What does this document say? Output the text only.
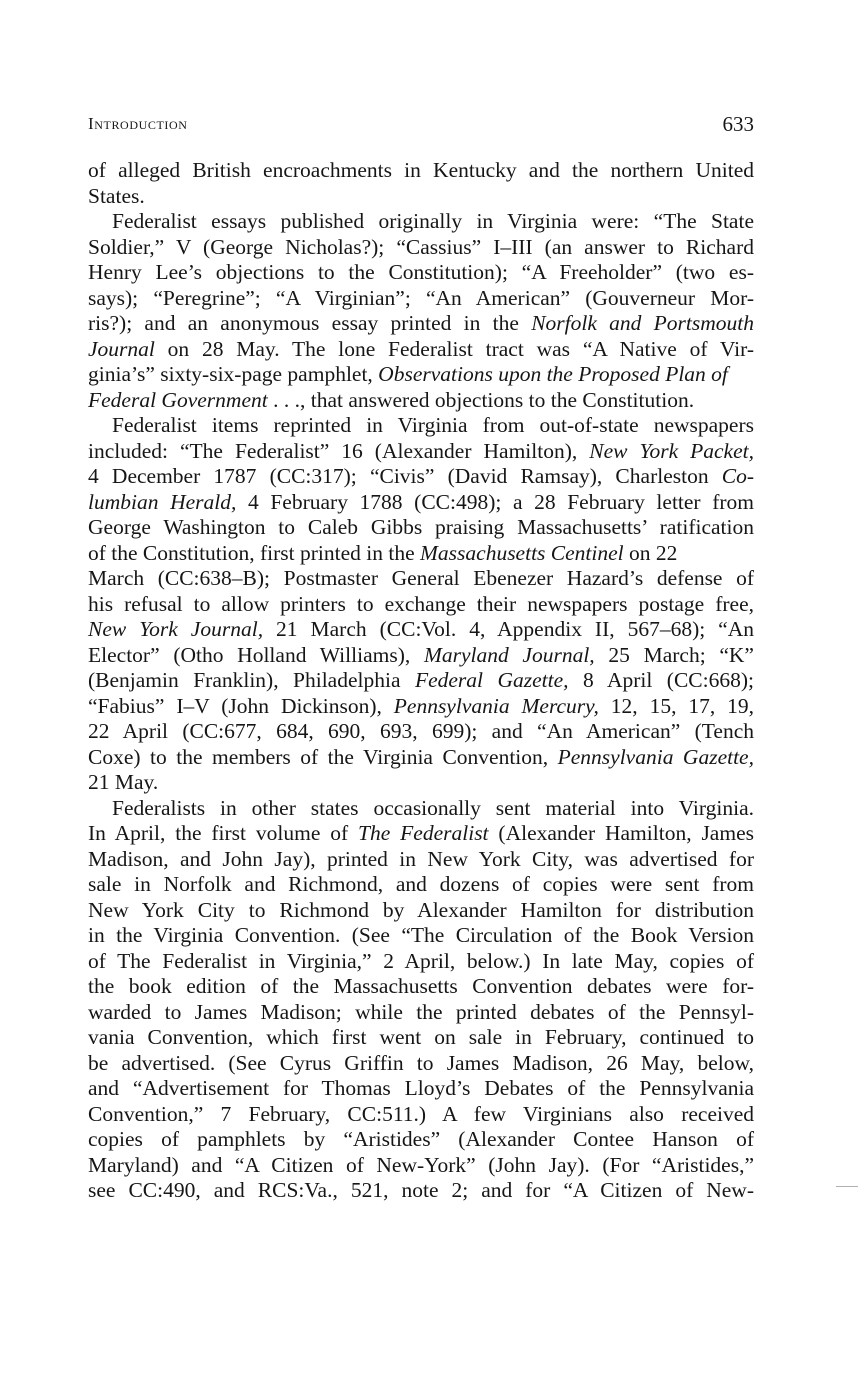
Introduction	633
of alleged British encroachments in Kentucky and the northern United
States.
Federalist essays published originally in Virginia were: “The State
Soldier,” V (George Nicholas?); “Cassius” I–III (an answer to Richard
Henry Lee’s objections to the Constitution); “A Freeholder” (two es-
says); “Peregrine”; “A Virginian”; “An American” (Gouverneur Mor-
ris?); and an anonymous essay printed in the Norfolk and Portsmouth
Journal on 28 May. The lone Federalist tract was “A Native of Vir-
ginia’s” sixty-six-page pamphlet, Observations upon the Proposed Plan of
Federal Government . . ., that answered objections to the Constitution.
Federalist items reprinted in Virginia from out-of-state newspapers
included: “The Federalist” 16 (Alexander Hamilton), New York Packet,
4 December 1787 (CC:317); “Civis” (David Ramsay), Charleston Co-
lumbian Herald, 4 February 1788 (CC:498); a 28 February letter from
George Washington to Caleb Gibbs praising Massachusetts’ ratification
of the Constitution, first printed in the Massachusetts Centinel on 22
March (CC:638–B); Postmaster General Ebenezer Hazard’s defense of
his refusal to allow printers to exchange their newspapers postage free,
New York Journal, 21 March (CC:Vol. 4, Appendix II, 567–68); “An
Elector” (Otho Holland Williams), Maryland Journal, 25 March; “K”
(Benjamin Franklin), Philadelphia Federal Gazette, 8 April (CC:668);
“Fabius” I–V (John Dickinson), Pennsylvania Mercury, 12, 15, 17, 19,
22 April (CC:677, 684, 690, 693, 699); and “An American” (Tench
Coxe) to the members of the Virginia Convention, Pennsylvania Gazette,
21 May.
Federalists in other states occasionally sent material into Virginia.
In April, the first volume of The Federalist (Alexander Hamilton, James
Madison, and John Jay), printed in New York City, was advertised for
sale in Norfolk and Richmond, and dozens of copies were sent from
New York City to Richmond by Alexander Hamilton for distribution
in the Virginia Convention. (See “The Circulation of the Book Version
of The Federalist in Virginia,” 2 April, below.) In late May, copies of
the book edition of the Massachusetts Convention debates were for-
warded to James Madison; while the printed debates of the Pennsyl-
vania Convention, which first went on sale in February, continued to
be advertised. (See Cyrus Griffin to James Madison, 26 May, below,
and “Advertisement for Thomas Lloyd’s Debates of the Pennsylvania
Convention,” 7 February, CC:511.) A few Virginians also received
copies of pamphlets by “Aristides” (Alexander Contee Hanson of
Maryland) and “A Citizen of New-York” (John Jay). (For “Aristides,”
see CC:490, and RCS:Va., 521, note 2; and for “A Citizen of New-
